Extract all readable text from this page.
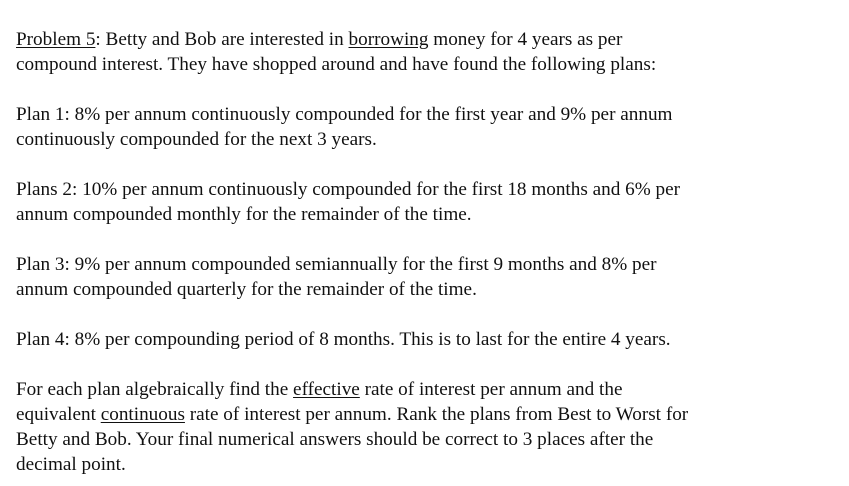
Problem 5: Betty and Bob are interested in borrowing money for 4 years as per
compound interest. They have shopped around and have found the following plans:

Plan 1: 8% per annum continuously compounded for the first year and 9% per annum
continuously compounded for the next 3 years.

Plans 2: 10% per annum continuously compounded for the first 18 months and 6% per
annum compounded monthly for the remainder of the time.

Plan 3: 9% per annum compounded semiannually for the first 9 months and 8% per
annum compounded quarterly for the remainder of the time.

Plan 4: 8% per compounding period of 8 months. This is to last for the entire 4 years.

For each plan algebraically find the effective rate of interest per annum and the
equivalent continuous rate of interest per annum. Rank the plans from Best to Worst for
Betty and Bob. Your final numerical answers should be correct to 3 places after the
decimal point.
